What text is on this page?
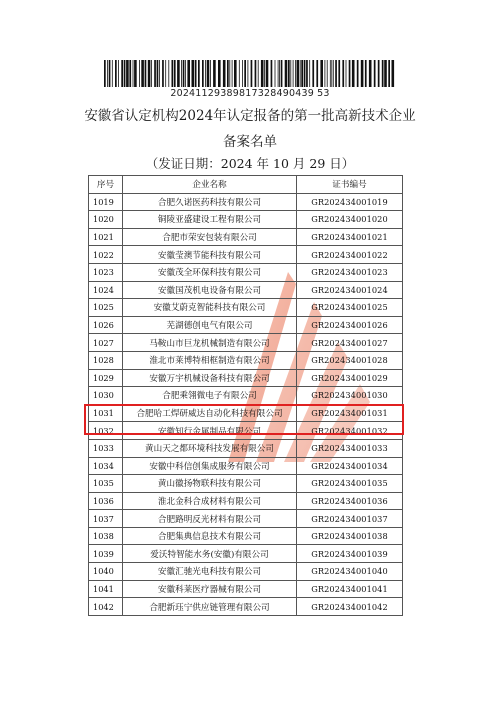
20241129389817328490439 53
安徽省认定机构2024年认定报备的第一批高新技术企业
备案名单
（发证日期：2024 年 10 月 29 日）
序号	企业名称	证书编号
1019	合肥久诺医药科技有限公司	GR202434001019
1020	铜陵亚盛建设工程有限公司	GR202434001020
1021	合肥市荣安包装有限公司	GR202434001021
1022	安徽莹澳节能科技有限公司	GR202434001022
1023	安徽茂全环保科技有限公司	GR202434001023
1024	安徽国茂机电设备有限公司	GR202434001024
1025	安徽艾蔚克智能科技有限公司	GR202434001025
1026	芜湖德创电气有限公司	GR202434001026
1027	马鞍山市巨龙机械制造有限公司	GR202434001027
1028	淮北市莱博特相框制造有限公司	GR202434001028
1029	安徽万宇机械设备科技有限公司	GR202434001029
1030	合肥乘翎微电子有限公司	GR202434001030
1031	合肥哈工焊研威达自动化科技有限公司	GR202434001031
1032	安徽知行金属制品有限公司	GR202434001032
1033	黄山天之都环境科技发展有限公司	GR202434001033
1034	安徽中科信创集成服务有限公司	GR202434001034
1035	黄山徽扬物联科技有限公司	GR202434001035
1036	淮北金科合成材料有限公司	GR202434001036
1037	合肥路明反光材料有限公司	GR202434001037
1038	合肥集典信息技术有限公司	GR202434001038
1039	爱沃特智能水务(安徽)有限公司	GR202434001039
1040	安徽汇驰光电科技有限公司	GR202434001040
1041	安徽科莱医疗器械有限公司	GR202434001041
1042	合肥新珏宁供应链管理有限公司	GR202434001042
